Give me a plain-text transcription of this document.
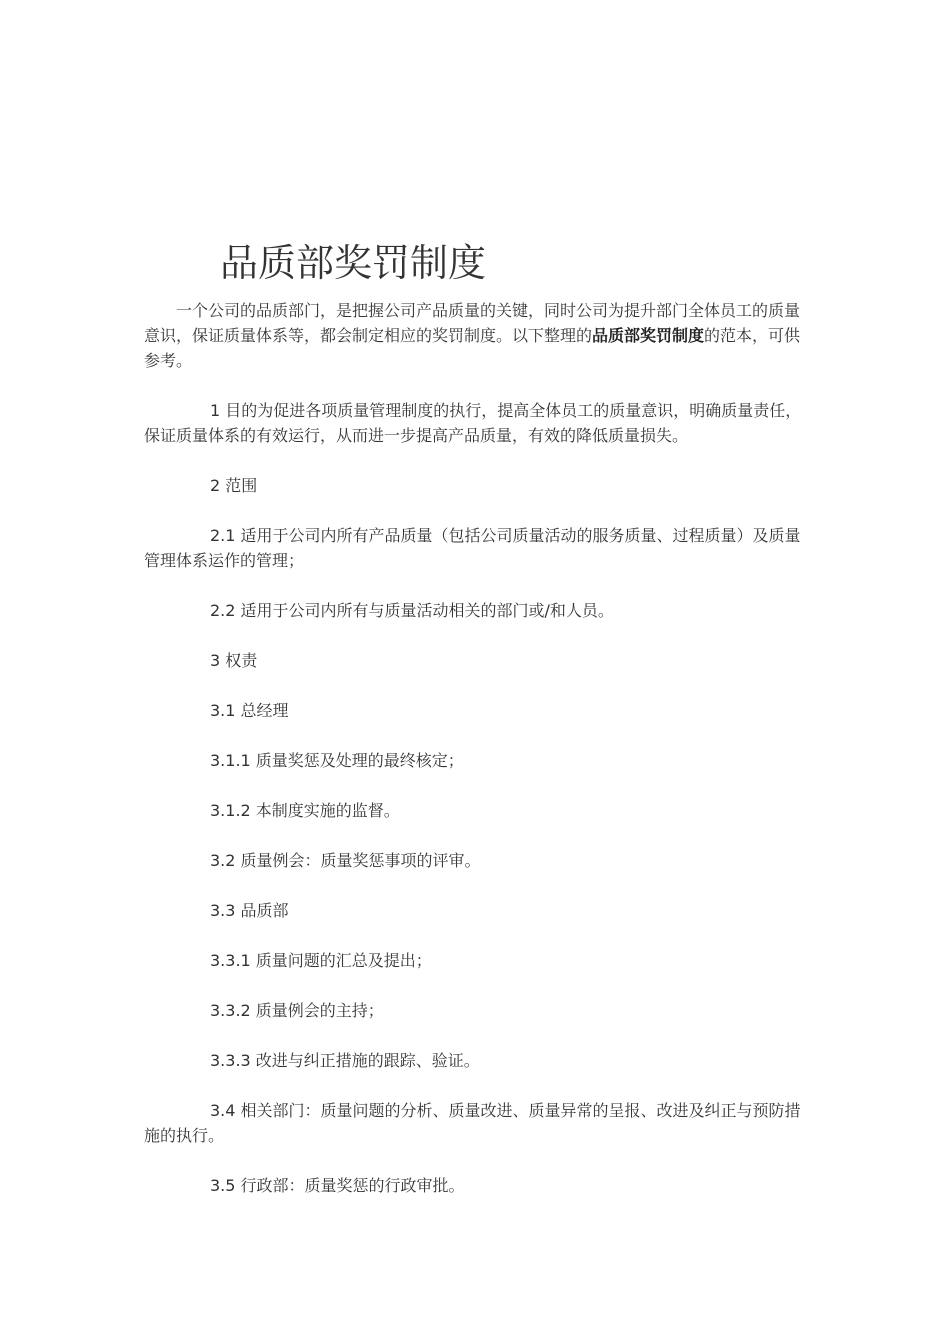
品质部奖罚制度

一个公司的品质部门，是把握公司产品质量的关键，同时公司为提升部门全体员工的质量意识，保证质量体系等，都会制定相应的奖罚制度。以下整理的品质部奖罚制度的范本，可供参考。

1 目的为促进各项质量管理制度的执行，提高全体员工的质量意识，明确质量责任，保证质量体系的有效运行，从而进一步提高产品质量，有效的降低质量损失。

2 范围

2.1 适用于公司内所有产品质量（包括公司质量活动的服务质量、过程质量）及质量管理体系运作的管理；

2.2 适用于公司内所有与质量活动相关的部门或/和人员。

3 权责

3.1 总经理

3.1.1 质量奖惩及处理的最终核定；

3.1.2 本制度实施的监督。

3.2 质量例会：质量奖惩事项的评审。

3.3 品质部

3.3.1 质量问题的汇总及提出；

3.3.2 质量例会的主持；

3.3.3 改进与纠正措施的跟踪、验证。

3.4 相关部门：质量问题的分析、质量改进、质量异常的呈报、改进及纠正与预防措施的执行。

3.5 行政部：质量奖惩的行政审批。
